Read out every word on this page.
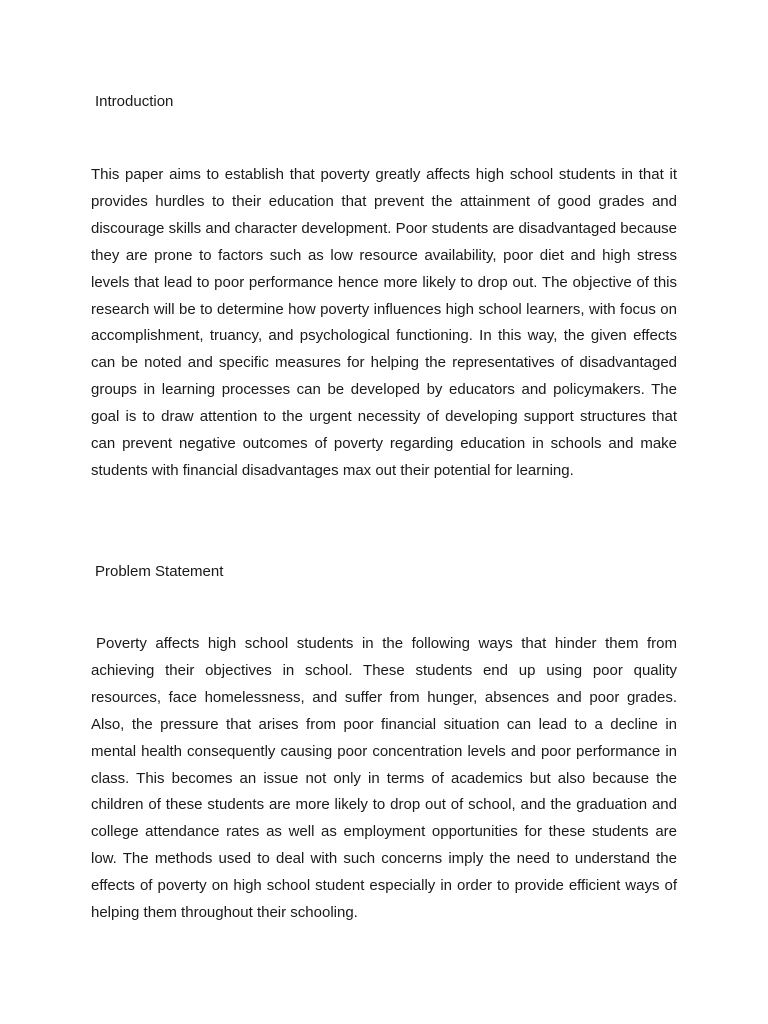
Introduction

This paper aims to establish that poverty greatly affects high school students in that it provides hurdles to their education that prevent the attainment of good grades and discourage skills and character development. Poor students are disadvantaged because they are prone to factors such as low resource availability, poor diet and high stress levels that lead to poor performance hence more likely to drop out. The objective of this research will be to determine how poverty influences high school learners, with focus on accomplishment, truancy, and psychological functioning. In this way, the given effects can be noted and specific measures for helping the representatives of disadvantaged groups in learning processes can be developed by educators and policymakers. The goal is to draw attention to the urgent necessity of developing support structures that can prevent negative outcomes of poverty regarding education in schools and make students with financial disadvantages max out their potential for learning.

Problem Statement

Poverty affects high school students in the following ways that hinder them from achieving their objectives in school. These students end up using poor quality resources, face homelessness, and suffer from hunger, absences and poor grades. Also, the pressure that arises from poor financial situation can lead to a decline in mental health consequently causing poor concentration levels and poor performance in class. This becomes an issue not only in terms of academics but also because the children of these students are more likely to drop out of school, and the graduation and college attendance rates as well as employment opportunities for these students are low. The methods used to deal with such concerns imply the need to understand the effects of poverty on high school student especially in order to provide efficient ways of helping them throughout their schooling.
